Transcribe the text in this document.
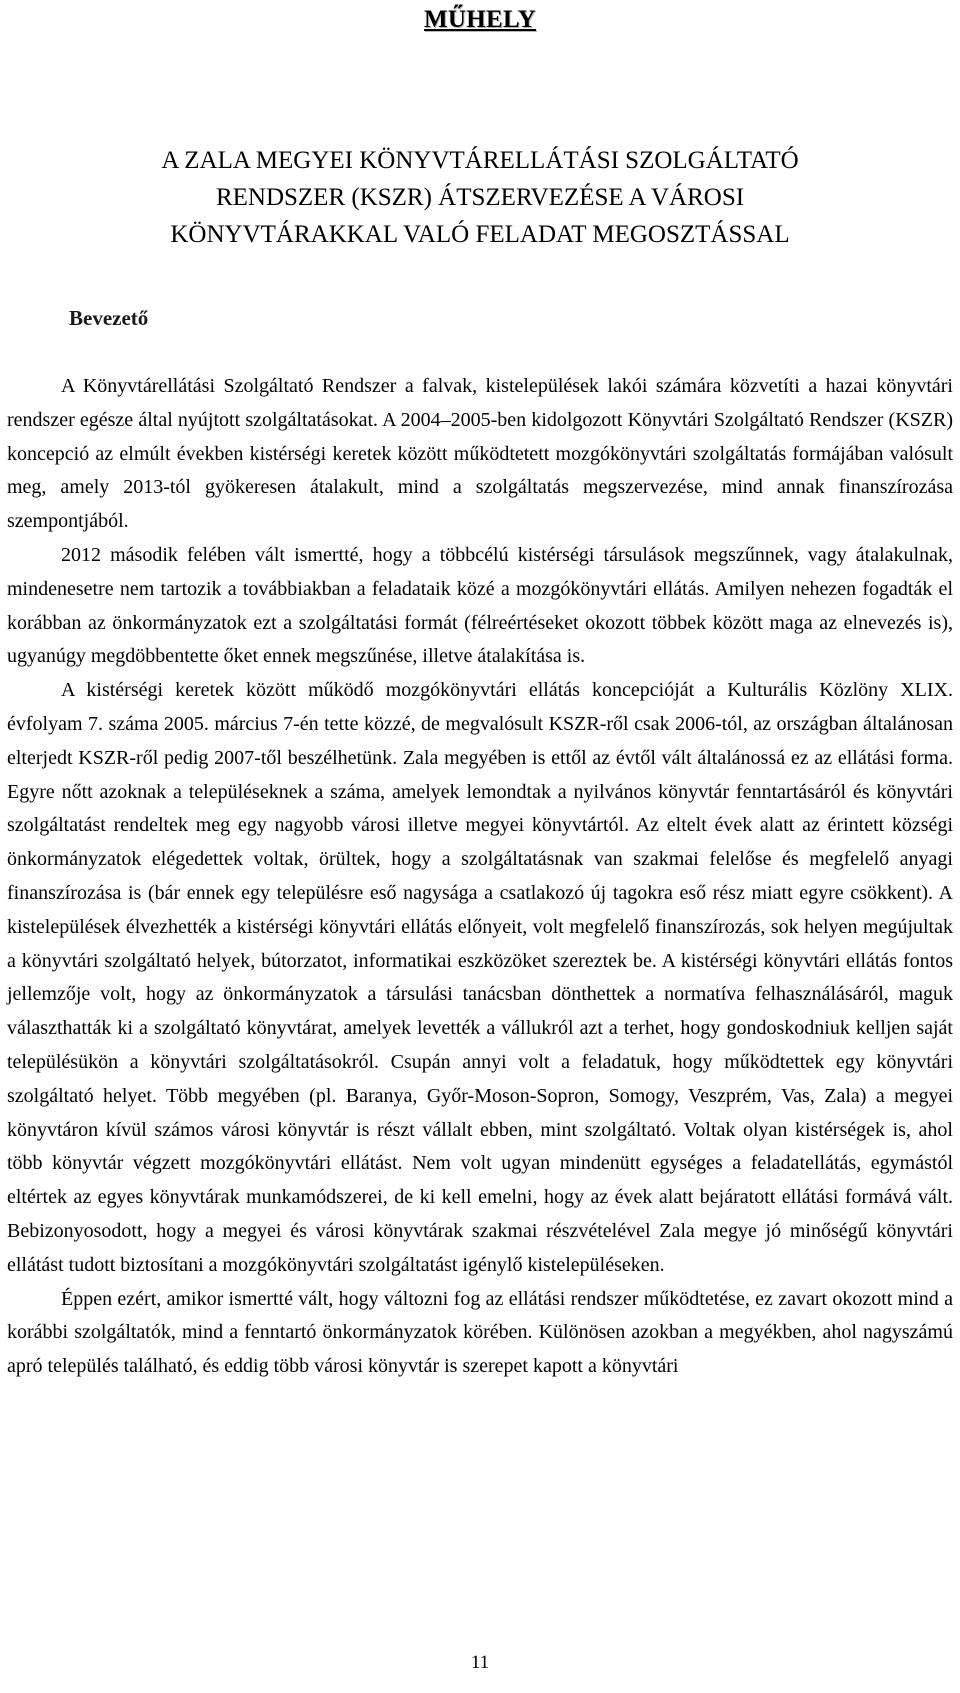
MŰHELY
A ZALA MEGYEI KÖNYVTÁRELLÁTÁSI SZOLGÁLTATÓ
RENDSZER (KSZR) ÁTSZERVEZÉSE A VÁROSI
KÖNYVTÁRAKKAL VALÓ FELADAT MEGOSZTÁSSAL
Bevezető

A Könyvtárellátási Szolgáltató Rendszer a falvak, kistelepülések lakói számára közvetíti a hazai könyvtári rendszer egésze által nyújtott szolgáltatásokat. A 2004–2005-ben kidolgozott Könyvtári Szolgáltató Rendszer (KSZR) koncepció az elmúlt években kistérségi keretek között működtetett mozgókönyvtári szolgáltatás formájában valósult meg, amely 2013-tól gyökeresen átalakult, mind a szolgáltatás megszervezése, mind annak finanszírozása szempontjából.

2012 második felében vált ismertté, hogy a többcélú kistérségi társulások megszűnnek, vagy átalakulnak, mindenesetre nem tartozik a továbbiakban a feladataik közé a mozgókönyvtári ellátás. Amilyen nehezen fogadták el korábban az önkormányzatok ezt a szolgáltatási formát (félreértéseket okozott többek között maga az elnevezés is), ugyanúgy megdöbbentette őket ennek megszűnése, illetve átalakítása is.

A kistérségi keretek között működő mozgókönyvtári ellátás koncepcióját a Kulturális Közlöny XLIX. évfolyam 7. száma 2005. március 7-én tette közzé, de megvalósult KSZR-ről csak 2006-tól, az országban általánosan elterjedt KSZR-ről pedig 2007-től beszélhetünk. Zala megyében is ettől az évtől vált általánossá ez az ellátási forma. Egyre nőtt azoknak a településeknek a száma, amelyek lemondtak a nyilvános könyvtár fenntartásáról és könyvtári szolgáltatást rendeltek meg egy nagyobb városi illetve megyei könyvtártól. Az eltelt évek alatt az érintett községi önkormányzatok elégedettek voltak, örültek, hogy a szolgáltatásnak van szakmai felelőse és megfelelő anyagi finanszírozása is (bár ennek egy településre eső nagysága a csatlakozó új tagokra eső rész miatt egyre csökkent). A kistelepülések élvezhették a kistérségi könyvtári ellátás előnyeit, volt megfelelő finanszírozás, sok helyen megújultak a könyvtári szolgáltató helyek, bútorzatot, informatikai eszközöket szereztek be. A kistérségi könyvtári ellátás fontos jellemzője volt, hogy az önkormányzatok a társulási tanácsban dönthettek a normatíva felhasználásáról, maguk választhatták ki a szolgáltató könyvtárat, amelyek levették a vállukról azt a terhet, hogy gondoskodniuk kelljen saját településükön a könyvtári szolgáltatásokról. Csupán annyi volt a feladatuk, hogy működtettek egy könyvtári szolgáltató helyet. Több megyében (pl. Baranya, Győr-Moson-Sopron, Somogy, Veszprém, Vas, Zala) a megyei könyvtáron kívül számos városi könyvtár is részt vállalt ebben, mint szolgáltató. Voltak olyan kistérségek is, ahol több könyvtár végzett mozgókönyvtári ellátást. Nem volt ugyan mindenütt egységes a feladatellátás, egymástól eltértek az egyes könyvtárak munkamódszerei, de ki kell emelni, hogy az évek alatt bejáratott ellátási formává vált. Bebizonyosodott, hogy a megyei és városi könyvtárak szakmai részvételével Zala megye jó minőségű könyvtári ellátást tudott biztosítani a mozgókönyvtári szolgáltatást igénylő kistelepüléseken.

Éppen ezért, amikor ismertté vált, hogy változni fog az ellátási rendszer működtetése, ez zavart okozott mind a korábbi szolgáltatók, mind a fenntartó önkormányzatok körében. Különösen azokban a megyékben, ahol nagyszámú apró település található, és eddig több városi könyvtár is szerepet kapott a könyvtári

11
